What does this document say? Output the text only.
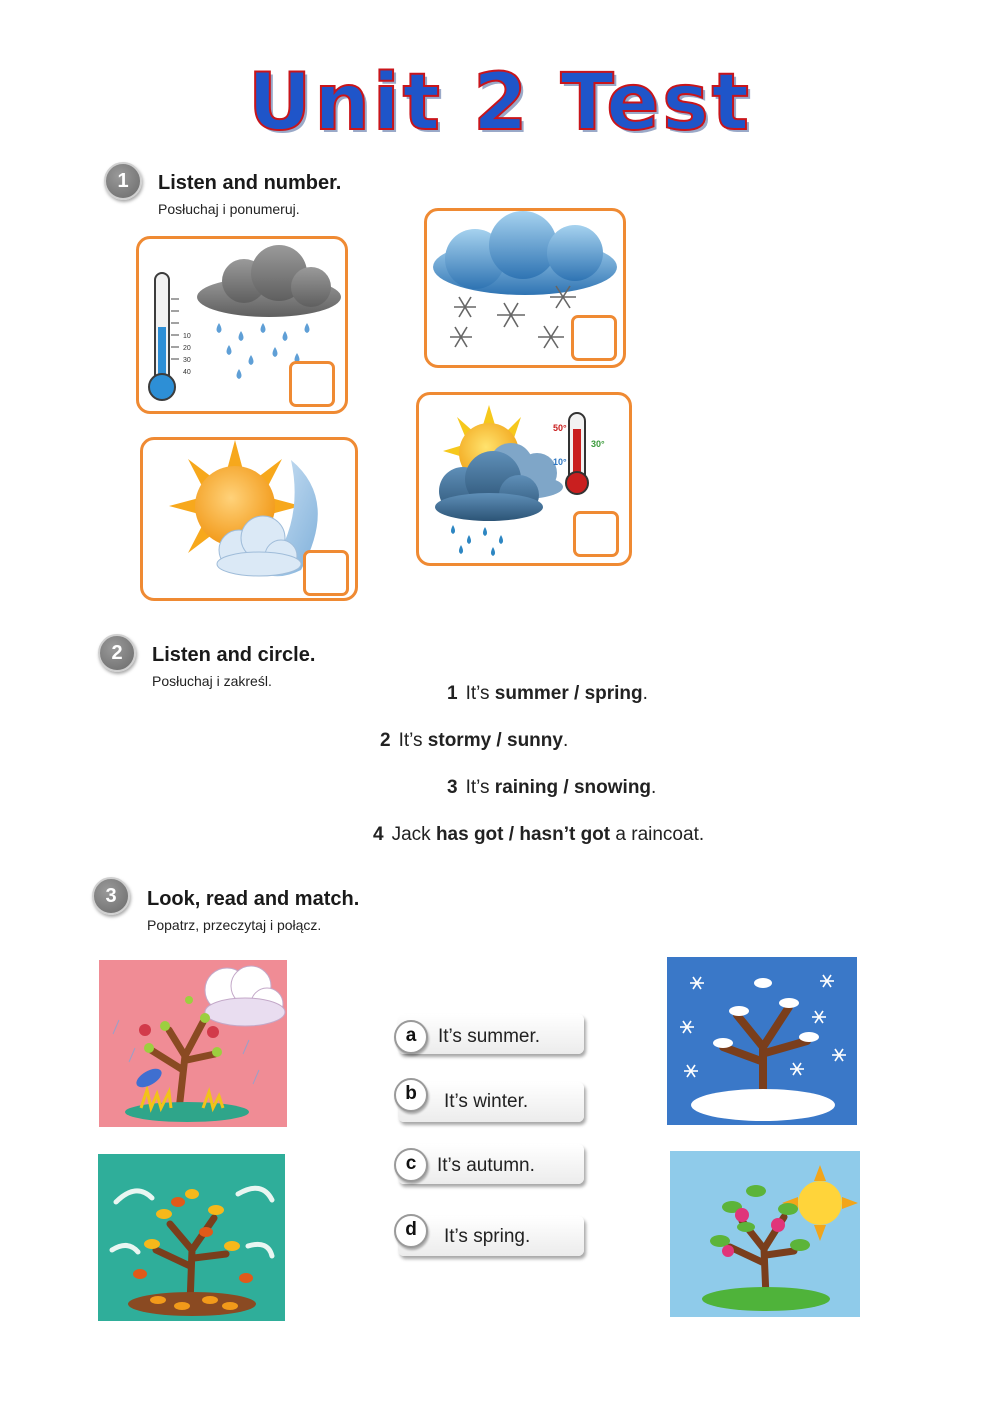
Unit 2 Test
1	Listen and number.
Posłuchaj i ponumeruj.
10
20
30
40
50°
30°
10°
2	Listen and circle.
Posłuchaj i zakreśl.
1 It’s summer / spring.
2 It’s stormy / sunny.
3 It’s raining / snowing.
4 Jack has got / hasn’t got a raincoat.
3	Look, read and match.
Popatrz, przeczytaj i połącz.
a	It’s summer.
b	It’s winter.
c	It’s autumn.
d	It’s spring.
